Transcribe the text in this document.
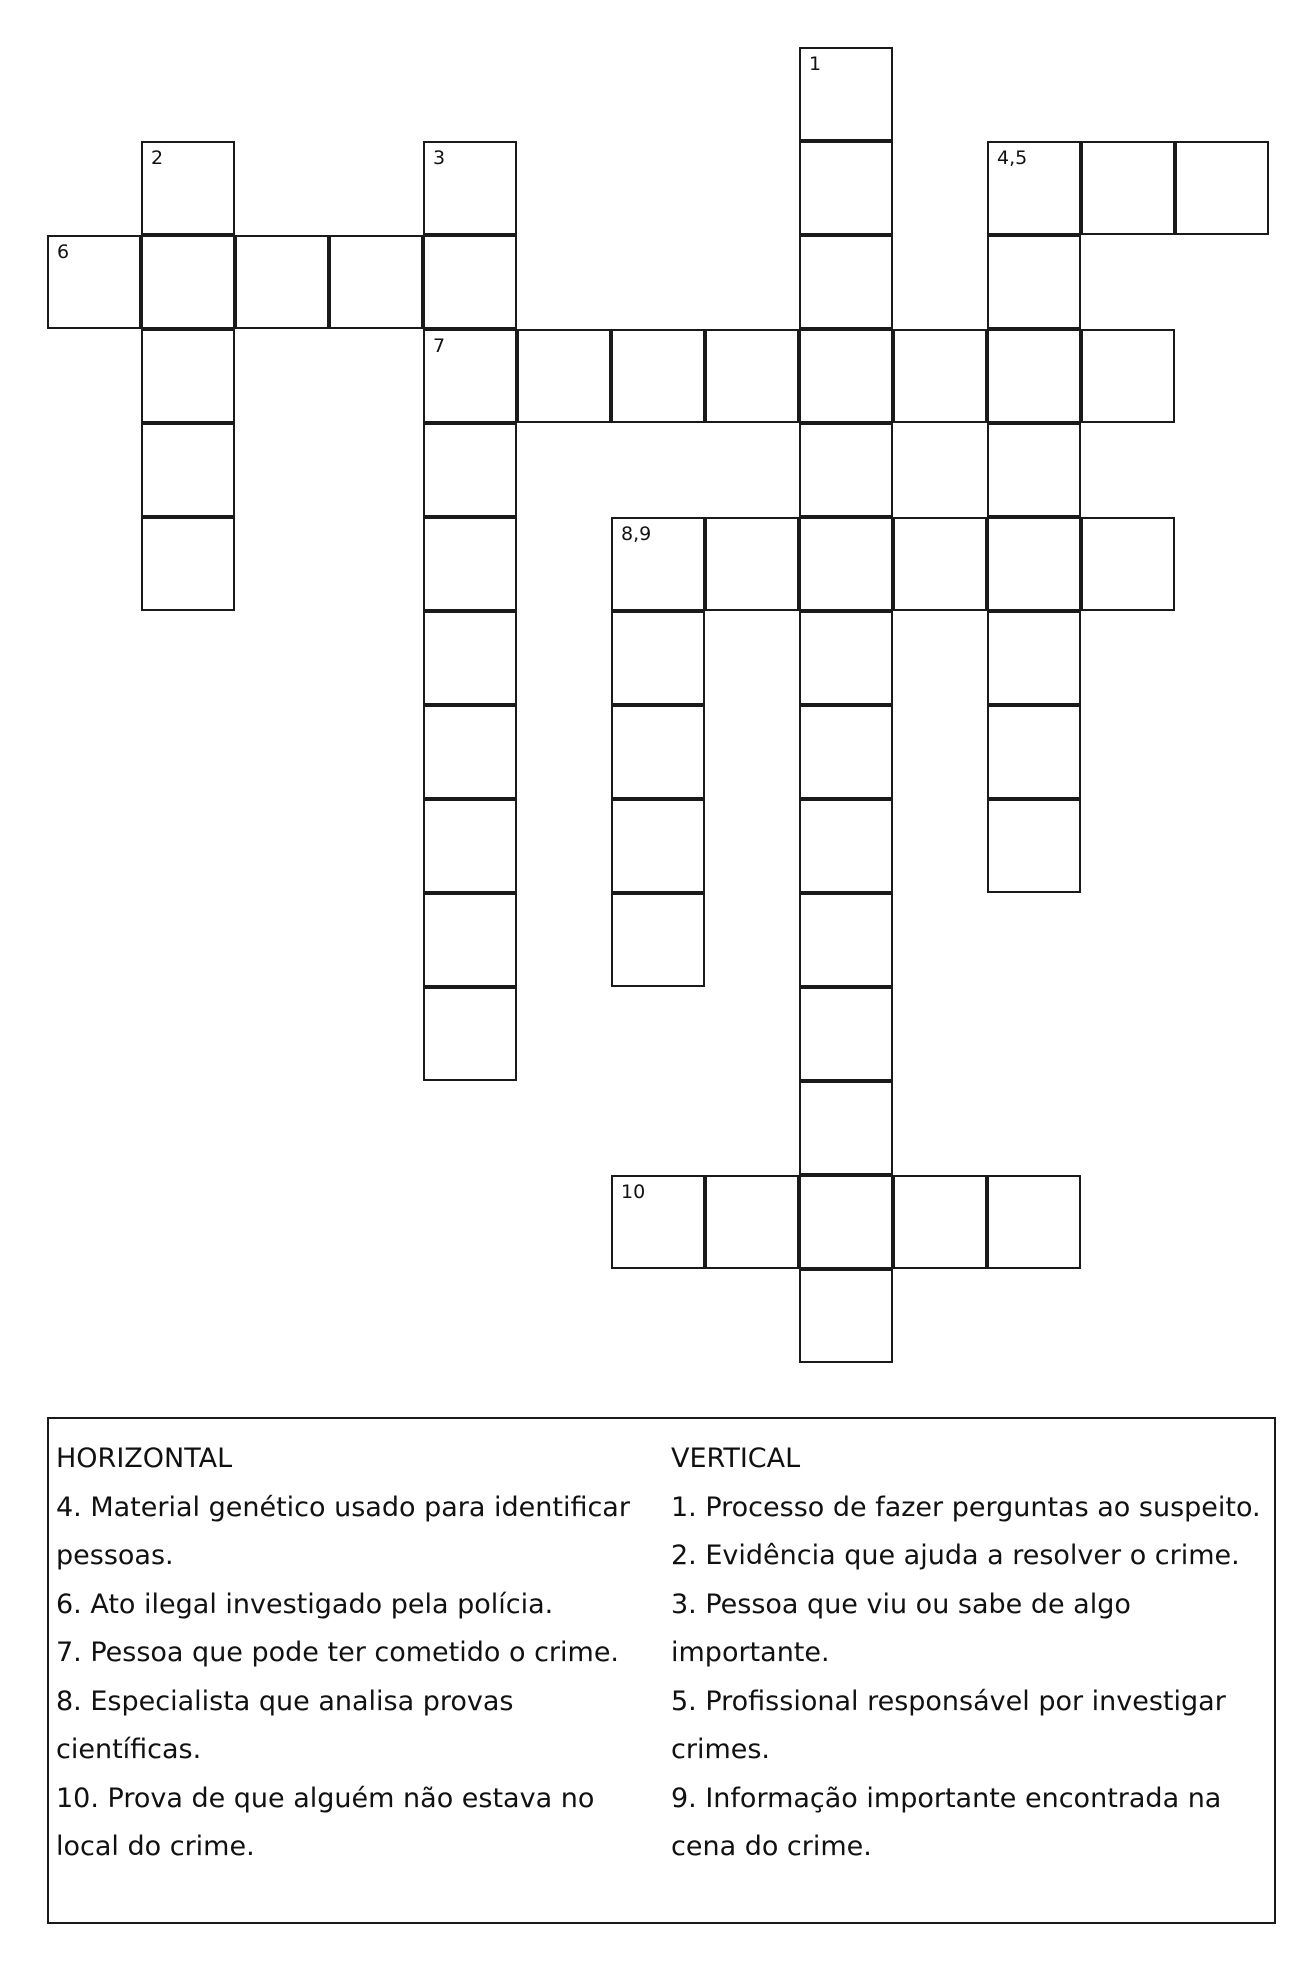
1
2	3	4,5
6
7
8,9
10

HORIZONTAL

4. Material genético usado para identificar pessoas.

6. Ato ilegal investigado pela polícia.

7. Pessoa que pode ter cometido o crime.

8. Especialista que analisa provas científicas.

10. Prova de que alguém não estava no local do crime.

VERTICAL

1. Processo de fazer perguntas ao suspeito.

2. Evidência que ajuda a resolver o crime.

3. Pessoa que viu ou sabe de algo importante.

5. Profissional responsável por investigar crimes.

9. Informação importante encontrada na cena do crime.
